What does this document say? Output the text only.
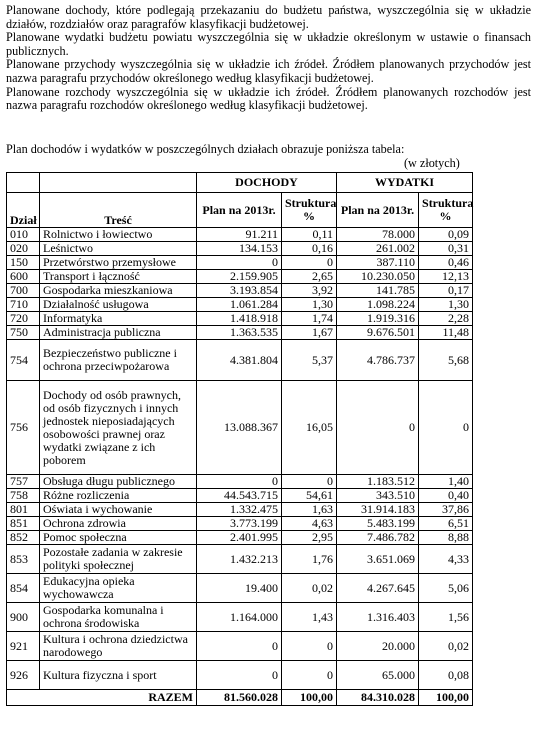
Planowane dochody, które podlegają przekazaniu do budżetu państwa, wyszczególnia się w układzie działów, rozdziałów oraz paragrafów klasyfikacji budżetowej.

Planowane wydatki budżetu powiatu wyszczególnia się w układzie określonym w ustawie o finansach publicznych.

Planowane przychody wyszczególnia się w układzie ich źródeł. Źródłem planowanych przychodów jest nazwa paragrafu przychodów określonego według klasyfikacji budżetowej.

Planowane rozchody wyszczególnia się w układzie ich źródeł. Źródłem planowanych rozchodów jest nazwa paragrafu rozchodów określonego według klasyfikacji budżetowej.

Plan dochodów i wydatków w poszczególnych działach obrazuje poniższa tabela:
(w złotych)
		DOCHODY		WYDATKI	
Dział	Treść	Plan na 2013r.	Struktura %	Plan na 2013r.	Struktura %
010	Rolnictwo i łowiectwo	91.211	0,11	78.000	0,09
020	Leśnictwo	134.153	0,16	261.002	0,31
150	Przetwórstwo przemysłowe	0	0	387.110	0,46
600	Transport i łączność	2.159.905	2,65	10.230.050	12,13
700	Gospodarka mieszkaniowa	3.193.854	3,92	141.785	0,17
710	Działalność usługowa	1.061.284	1,30	1.098.224	1,30
720	Informatyka	1.418.918	1,74	1.919.316	2,28
750	Administracja publiczna	1.363.535	1,67	9.676.501	11,48
754	Bezpieczeństwo publiczne i ochrona przeciwpożarowa	4.381.804	5,37	4.786.737	5,68
756	Dochody od osób prawnych, od osób fizycznych i innych jednostek nieposiadających osobowości prawnej oraz wydatki związane z ich poborem	13.088.367	16,05	0	0
757	Obsługa długu publicznego	0	0	1.183.512	1,40
758	Różne rozliczenia	44.543.715	54,61	343.510	0,40
801	Oświata i wychowanie	1.332.475	1,63	31.914.183	37,86
851	Ochrona zdrowia	3.773.199	4,63	5.483.199	6,51
852	Pomoc społeczna	2.401.995	2,95	7.486.782	8,88
853	Pozostałe zadania w zakresie polityki społecznej	1.432.213	1,76	3.651.069	4,33
854	Edukacyjna opieka wychowawcza	19.400	0,02	4.267.645	5,06
900	Gospodarka komunalna i ochrona środowiska	1.164.000	1,43	1.316.403	1,56
921	Kultura i ochrona dziedzictwa narodowego	0	0	20.000	0,02
926	Kultura fizyczna i sport	0	0	65.000	0,08
RAZEM		81.560.028	100,00	84.310.028	100,00
